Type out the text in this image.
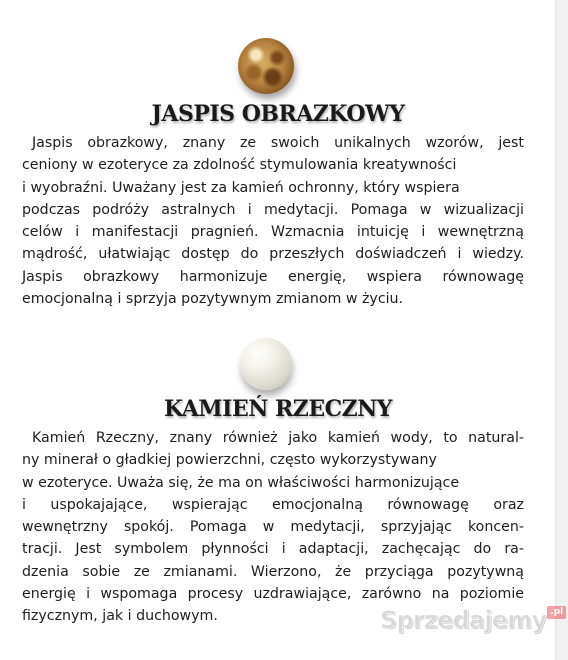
JASPIS OBRAZKOWY
Jaspis obrazkowy, znany ze swoich unikalnych wzorów, jest
ceniony w ezoteryce za zdolność stymulowania kreatywności
i wyobraźni. Uważany jest za kamień ochronny, który wspiera
podczas podróży astralnych i medytacji. Pomaga w wizualizacji
celów i manifestacji pragnień. Wzmacnia intuicję i wewnętrzną
mądrość, ułatwiając dostęp do przeszłych doświadczeń i wiedzy.
Jaspis obrazkowy harmonizuje energię, wspiera równowagę
emocjonalną i sprzyja pozytywnym zmianom w życiu.
KAMIEŃ RZECZNY
Kamień Rzeczny, znany również jako kamień wody, to natural-
ny minerał o gładkiej powierzchni, często wykorzystywany
w ezoteryce. Uważa się, że ma on właściwości harmonizujące
i uspokajające, wspierając emocjonalną równowagę oraz
wewnętrzny spokój. Pomaga w medytacji, sprzyjając koncen-
tracji. Jest symbolem płynności i adaptacji, zachęcając do ra-
dzenia sobie ze zmianami. Wierzono, że przyciąga pozytywną
energię i wspomaga procesy uzdrawiające, zarówno na poziomie
fizycznym, jak i duchowym.	Sprzedajemy .pl
